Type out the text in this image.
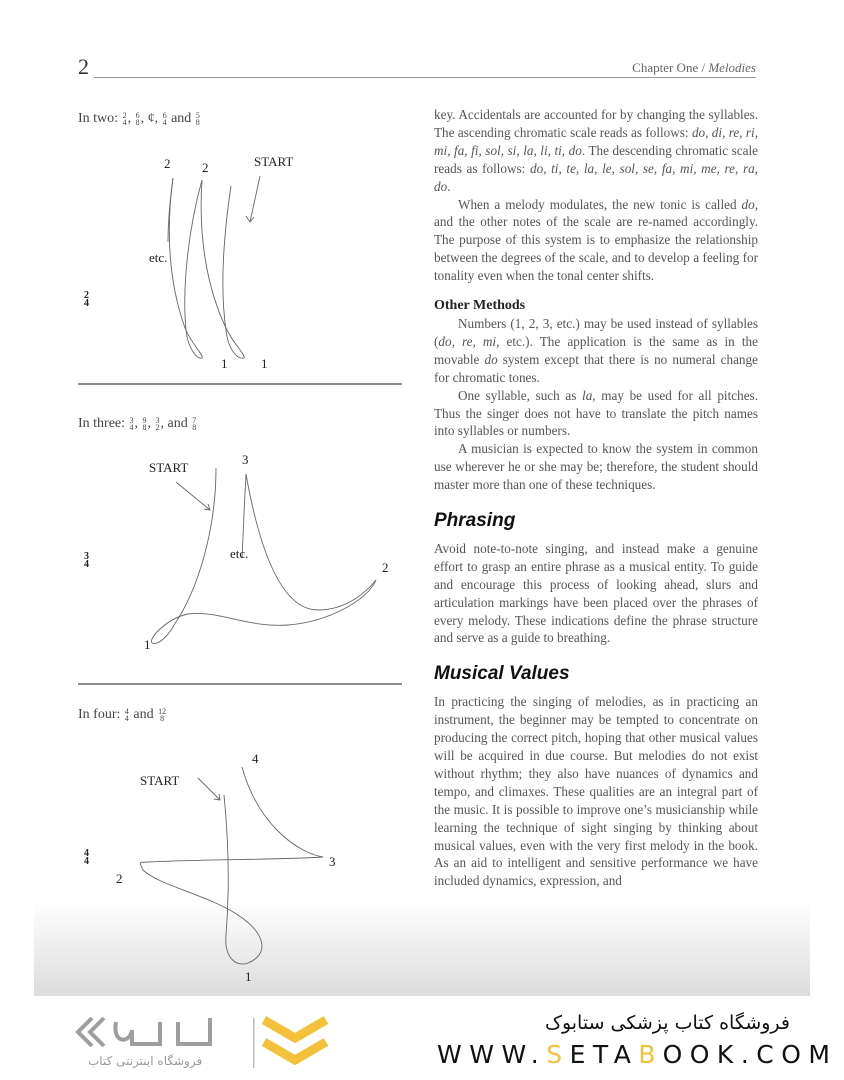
2	Chapter One / Melodies
In two: 2
4 , 6
8 , ¢, 6
4 and 5
8
2
4
2 2	START
etc.
1	1
In three: 3
4 , 9
8 , 3
2 , and 7
8
3
4
START
3
etc.
2
1
In four: 4
4 and 12
8
4
4
4
START
3
2
1

key. Accidentals are accounted for by changing the syllables. The ascending chromatic scale reads as follows: do, di, re, ri, mi, fa, fi, sol, si, la, li, ti, do. The descending chromatic scale reads as follows: do, ti, te, la, le, sol, se, fa, mi, me, re, ra, do.

When a melody modulates, the new tonic is called do, and the other notes of the scale are re-named accordingly. The purpose of this system is to emphasize the relationship between the degrees of the scale, and to develop a feeling for tonality even when the tonal center shifts.

Other Methods

Numbers (1, 2, 3, etc.) may be used instead of syllables (do, re, mi, etc.). The application is the same as in the movable do system except that there is no numeral change for chromatic tones.

One syllable, such as la, may be used for all pitches. Thus the singer does not have to translate the pitch names into syllables or numbers.

A musician is expected to know the system in common use wherever he or she may be; therefore, the student should master more than one of these techniques.

Phrasing

Avoid note-to-note singing, and instead make a genuine effort to grasp an entire phrase as a musical entity. To guide and encourage this process of looking ahead, slurs and articulation markings have been placed over the phrases of every melody. These indications define the phrase structure and serve as a guide to breathing.

Musical Values

In practicing the singing of melodies, as in practicing an instrument, the beginner may be tempted to concentrate on producing the correct pitch, hoping that other musical values will be acquired in due course. But melodies do not exist without rhythm; they also have nuances of dynamics and tempo, and climaxes. These qualities are an integral part of the music. It is possible to improve one’s musicianship while learning the technique of sight singing by thinking about musical values, even with the very first melody in the book. As an aid to intelligent and sensitive performance we have included dynamics, expression, and

فروشگاه اینترنتی کتاب
فروشگاه کتاب پزشکی ستابوک
WWW.SETABOOK.COM
